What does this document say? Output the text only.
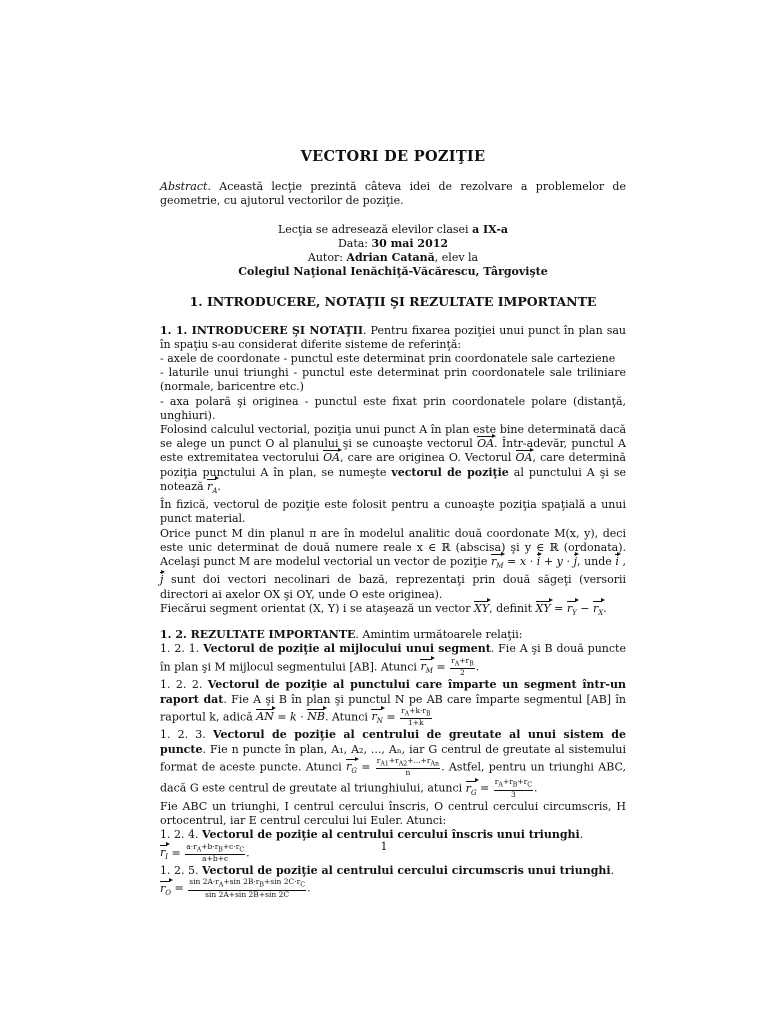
VECTORI DE POZIŢIE

Abstract. Această lecţie prezintă câteva idei de rezolvare a problemelor de geometrie, cu ajutorul vectorilor de poziţie.

Lecţia se adresează elevilor clasei a IX-a

Data: 30 mai 2012

Autor: Adrian Catană, elev la

Colegiul Naţional Ienăchiţă-Văcărescu, Târgovişte

1. INTRODUCERE, NOTAŢII ŞI REZULTATE IMPORTANTE

1. 1. INTRODUCERE ŞI NOTAŢII. Pentru fixarea poziţiei unui punct în plan sau în spaţiu s-au considerat diferite sisteme de referinţă:

- axele de coordonate - punctul este determinat prin coordonatele sale carteziene

- laturile unui triunghi - punctul este determinat prin coordonatele sale triliniare (normale, baricentre etc.)

- axa polară şi originea - punctul este fixat prin coordonatele polare (distanţă, unghiuri).

Folosind calculul vectorial, poziţia unui punct A în plan este bine determinată dacă se alege un punct O al planului şi se cunoaşte vectorul OA. Într-adevăr, punctul A este extremitatea vectorului OA, care are originea O. Vectorul OA, care determină poziţia punctului A în plan, se numeşte vectorul de poziţie al punctului A şi se notează $r_A$.

În fizică, vectorul de poziţie este folosit pentru a cunoaşte poziţia spaţială a unui punct material.

Orice punct M din planul π are în modelul analitic două coordonate M(x, y), deci este unic determinat de două numere reale x ∈ ℝ (abscisa) şi y ∈ ℝ (ordonata). Acelaşi punct M are modelul vectorial un vector de poziţie $r_M = x \cdot i + y \cdot j$, unde i , j sunt doi vectori necolinari de bază, reprezentaţi prin două săgeţi (versorii directori ai axelor OX şi OY, unde O este originea).

Fiecărui segment orientat (X, Y) i se ataşează un vector XY, definit XY = $r_Y - r_X$.

1. 2. REZULTATE IMPORTANTE. Amintim următoarele relaţii:

1. 2. 1. Vectorul de poziţie al mijlocului unui segment. Fie A şi B două puncte în plan şi M mijlocul segmentului [AB]. Atunci $r_M = \frac{r_A+r_B}{2}$ .

1. 2. 2. Vectorul de poziţie al punctului care împarte un segment într-un raport dat. Fie A şi B în plan şi punctul N pe AB care împarte segmentul [AB] în raportul k, adică AN = k · NB. Atunci $r_N = \frac{r_A+k\cdot r_B}{1+k}$

1. 2. 3. Vectorul de poziţie al centrului de greutate al unui sistem de puncte. Fie n puncte în plan, A₁, A₂, ..., Aₙ, iar G centrul de greutate al sistemului format de aceste puncte. Atunci $r_G = \frac{r_{A1}+r_{A2}+...+r_{An}}{n}$ . Astfel, pentru un triunghi ABC, dacă G este centrul de greutate al triunghiului, atunci $r_G = \frac{r_A+r_B+r_C}{3}$ .

Fie ABC un triunghi, I centrul cercului înscris, O centrul cercului circumscris, H ortocentrul, iar E centrul cercului lui Euler. Atunci:

1. 2. 4. Vectorul de poziţie al centrului cercului înscris unui triunghi.
$r_I = \frac{a\cdot r_A+b\cdot r_B+c\cdot r_C}{a+b+c}$ .

1. 2. 5. Vectorul de poziţie al centrului cercului circumscris unui triunghi.
$r_O = \frac{\sin 2A\cdot r_A+\sin 2B\cdot r_B+\sin 2C\cdot r_C}{\sin 2A+\sin 2B+\sin 2C}$ .

1
